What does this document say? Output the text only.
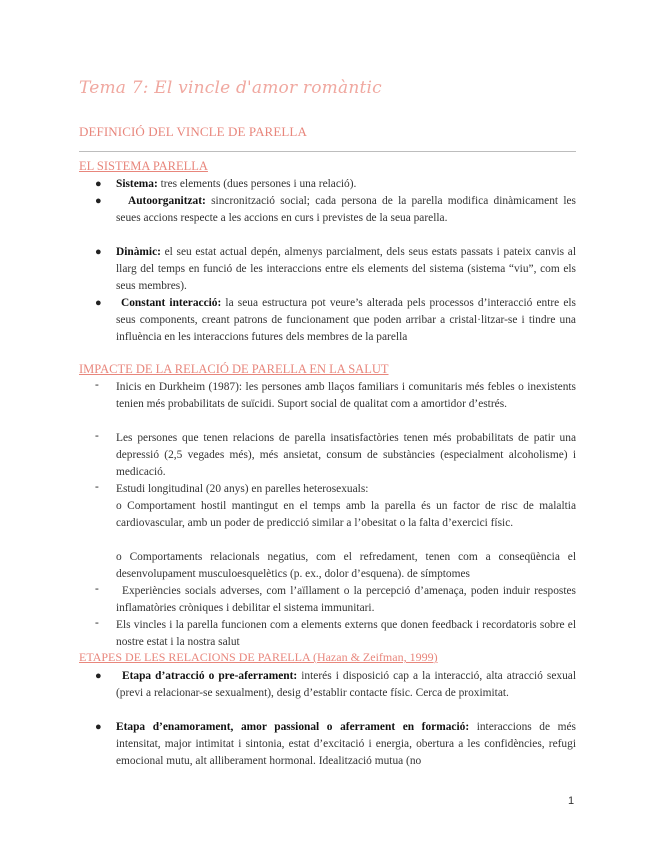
Tema 7: El vincle d'amor romàntic
DEFINICIÓ DEL VINCLE DE PARELLA
EL SISTEMA PARELLA
● Sistema: tres elements (dues persones i una relació).
●	Autoorganitzat: sincronització social; cada persona de la parella modifica dinàmicament les seues accions respecte a les accions en curs i previstes de la seua parella.
● Dinàmic: el seu estat actual depén, almenys parcialment, dels seus estats passats i pateix canvis al llarg del temps en funció de les interaccions entre els elements del sistema (sistema “viu”, com els seus membres).
●	Constant interacció: la seua estructura pot veure’s alterada pels processos d’interacció entre els seus components, creant patrons de funcionament que poden arribar a cristal·litzar-se i tindre una influència en les interaccions futures dels membres de la parella
IMPACTE DE LA RELACIÓ DE PARELLA EN LA SALUT
- Inicis en Durkheim (1987): les persones amb llaços familiars i comunitaris més febles o inexistents tenien més probabilitats de suïcidi. Suport social de qualitat com a amortidor d’estrés.
- Les persones que tenen relacions de parella insatisfactòries tenen més probabilitats de patir una depressió (2,5 vegades més), més ansietat, consum de substàncies (especialment alcoholisme) i medicació.
- Estudi longitudinal (20 anys) en parelles heterosexuals:
o Comportament hostil mantingut en el temps amb la parella és un factor de risc de malaltia cardiovascular, amb un poder de predicció similar a l’obesitat o la falta d’exercici físic.
o Comportaments relacionals negatius, com el refredament, tenen com a conseqüència el desenvolupament musculoesquelètics (p. ex., dolor d’esquena). de símptomes
-	Experiències socials adverses, com l’aïllament o la percepció d’amenaça, poden induir respostes inflamatòries cròniques i debilitar el sistema immunitari.
- Els vincles i la parella funcionen com a elements externs que donen feedback i recordatoris sobre el nostre estat i la nostra salut
ETAPES DE LES RELACIONS DE PARELLA (Hazan & Zeifman, 1999)
●	Etapa d’atracció o pre-aferrament: interés i disposició cap a la interacció, alta atracció sexual (previ a relacionar-se sexualment), desig d’establir contacte físic. Cerca de proximitat.
● Etapa d’enamorament, amor passional o aferrament en formació: interaccions de més intensitat, major intimitat i sintonia, estat d’excitació i energia, obertura a les confidències, refugi emocional mutu, alt alliberament hormonal. Idealització mutua (no
1
